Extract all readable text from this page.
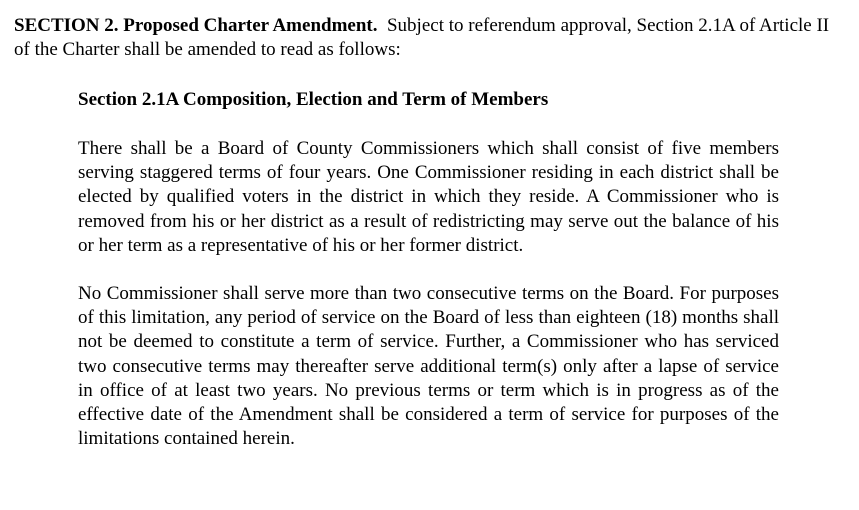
SECTION 2. Proposed Charter Amendment. Subject to referendum approval, Section 2.1A of Article II of the Charter shall be amended to read as follows:

Section 2.1A Composition, Election and Term of Members

There shall be a Board of County Commissioners which shall consist of five members serving staggered terms of four years. One Commissioner residing in each district shall be elected by qualified voters in the district in which they reside. A Commissioner who is removed from his or her district as a result of redistricting may serve out the balance of his or her term as a representative of his or her former district.

No Commissioner shall serve more than two consecutive terms on the Board. For purposes of this limitation, any period of service on the Board of less than eighteen (18) months shall not be deemed to constitute a term of service. Further, a Commissioner who has serviced two consecutive terms may thereafter serve additional term(s) only after a lapse of service in office of at least two years. No previous terms or term which is in progress as of the effective date of the Amendment shall be considered a term of service for purposes of the limitations contained herein.
